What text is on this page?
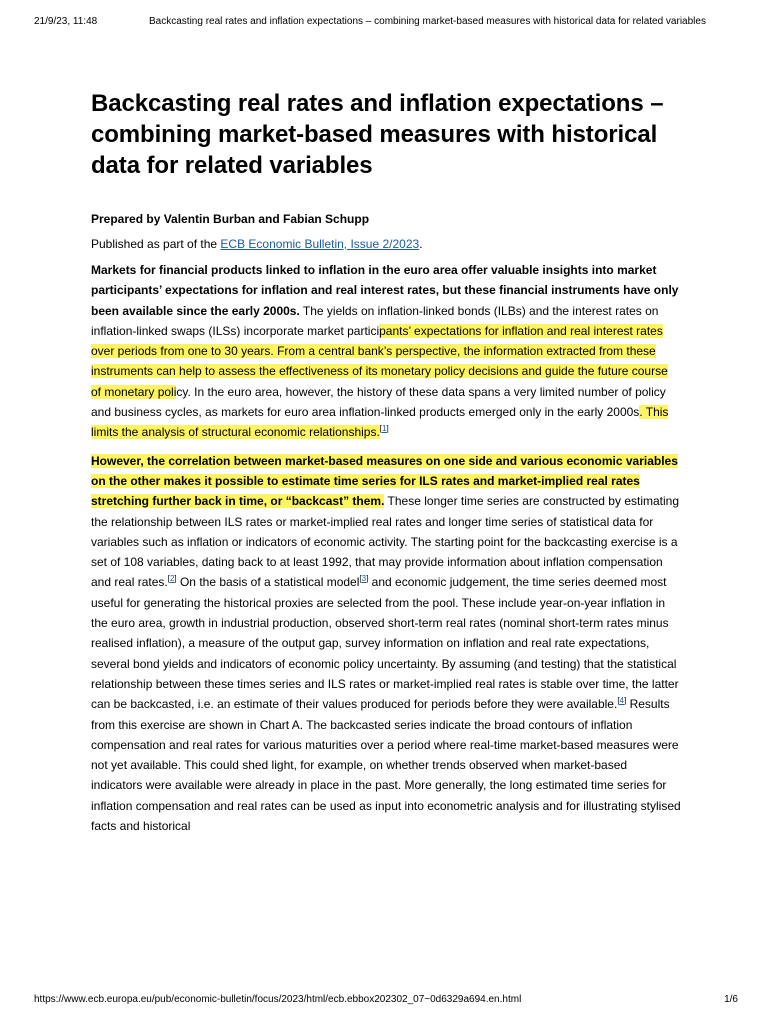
21/9/23, 11:48	Backcasting real rates and inflation expectations – combining market-based measures with historical data for related variables
Backcasting real rates and inflation expectations – combining market-based measures with historical data for related variables
Prepared by Valentin Burban and Fabian Schupp
Published as part of the ECB Economic Bulletin, Issue 2/2023.
Markets for financial products linked to inflation in the euro area offer valuable insights into market participants’ expectations for inflation and real interest rates, but these financial instruments have only been available since the early 2000s. The yields on inflation-linked bonds (ILBs) and the interest rates on inflation-linked swaps (ILSs) incorporate market participants’ expectations for inflation and real interest rates over periods from one to 30 years. From a central bank’s perspective, the information extracted from these instruments can help to assess the effectiveness of its monetary policy decisions and guide the future course of monetary policy. In the euro area, however, the history of these data spans a very limited number of policy and business cycles, as markets for euro area inflation-linked products emerged only in the early 2000s. This limits the analysis of structural economic relationships.[1]
However, the correlation between market-based measures on one side and various economic variables on the other makes it possible to estimate time series for ILS rates and market-implied real rates stretching further back in time, or “backcast” them. These longer time series are constructed by estimating the relationship between ILS rates or market-implied real rates and longer time series of statistical data for variables such as inflation or indicators of economic activity. The starting point for the backcasting exercise is a set of 108 variables, dating back to at least 1992, that may provide information about inflation compensation and real rates.[2] On the basis of a statistical model[3] and economic judgement, the time series deemed most useful for generating the historical proxies are selected from the pool. These include year-on-year inflation in the euro area, growth in industrial production, observed short-term real rates (nominal short-term rates minus realised inflation), a measure of the output gap, survey information on inflation and real rate expectations, several bond yields and indicators of economic policy uncertainty. By assuming (and testing) that the statistical relationship between these times series and ILS rates or market-implied real rates is stable over time, the latter can be backcasted, i.e. an estimate of their values produced for periods before they were available.[4] Results from this exercise are shown in Chart A. The backcasted series indicate the broad contours of inflation compensation and real rates for various maturities over a period where real-time market-based measures were not yet available. This could shed light, for example, on whether trends observed when market-based indicators were available were already in place in the past. More generally, the long estimated time series for inflation compensation and real rates can be used as input into econometric analysis and for illustrating stylised facts and historical
https://www.ecb.europa.eu/pub/economic-bulletin/focus/2023/html/ecb.ebbox202302_07~0d6329a694.en.html	1/6
